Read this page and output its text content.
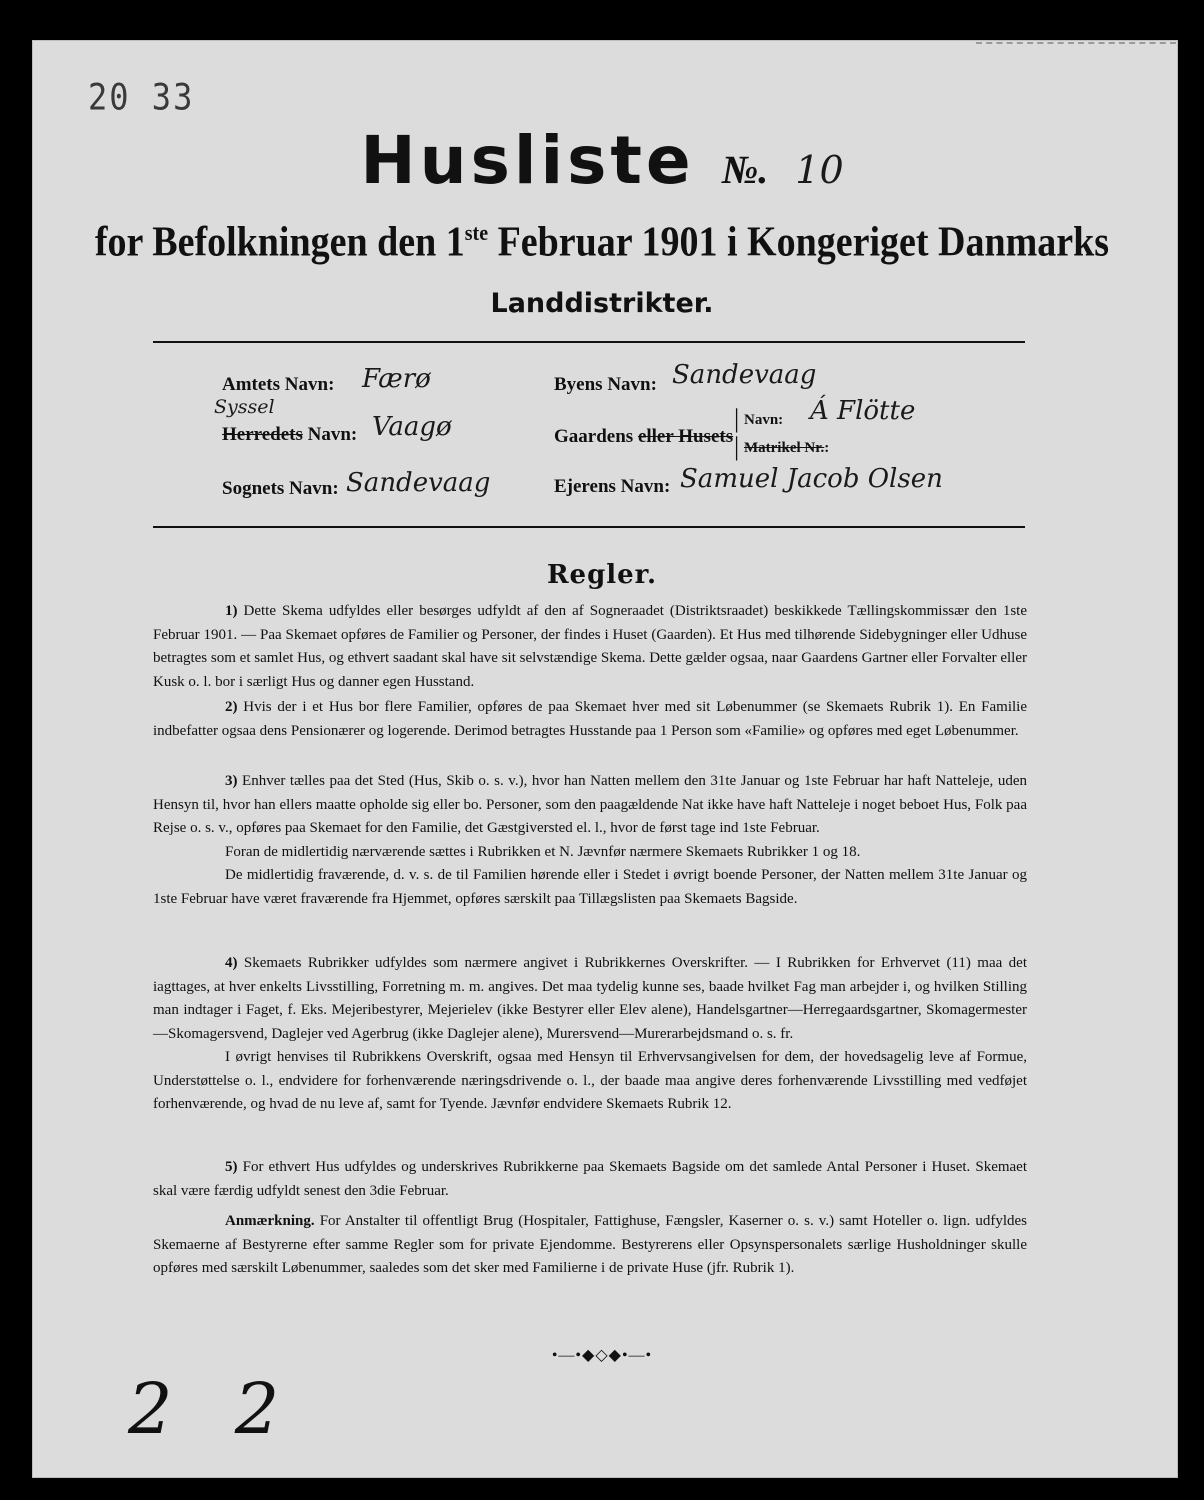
20 33
Husliste №. 10
for Befolkningen den 1ste Februar 1901 i Kongeriget Danmarks
Landdistrikter.
Amtets Navn: Færø
Syssel
Herredets Navn: Vaagø
Sognets Navn: Sandevaag
Byens Navn: Sandevaag
Gaardens eller Husets
|
|
Navn: Á Flötte
Matrikel Nr.:
Ejerens Navn: Samuel Jacob Olsen
Regler.

1) Dette Skema udfyldes eller besørges udfyldt af den af Sogneraadet (Distriktsraadet) beskikkede Tællingskommissær den 1ste Februar 1901. — Paa Skemaet opføres de Familier og Personer, der findes i Huset (Gaarden). Et Hus med tilhørende Sidebygninger eller Udhuse betragtes som et samlet Hus, og ethvert saadant skal have sit selvstændige Skema. Dette gælder ogsaa, naar Gaardens Gartner eller Forvalter eller Kusk o. l. bor i særligt Hus og danner egen Husstand.

2) Hvis der i et Hus bor flere Familier, opføres de paa Skemaet hver med sit Løbenummer (se Skemaets Rubrik 1). En Familie indbefatter ogsaa dens Pensionærer og logerende. Derimod betragtes Husstande paa 1 Person som «Familie» og opføres med eget Løbenummer.

3) Enhver tælles paa det Sted (Hus, Skib o. s. v.), hvor han Natten mellem den 31te Januar og 1ste Februar har haft Natteleje, uden Hensyn til, hvor han ellers maatte opholde sig eller bo. Personer, som den paagældende Nat ikke have haft Natteleje i noget beboet Hus, Folk paa Rejse o. s. v., opføres paa Skemaet for den Familie, det Gæstgiversted el. l., hvor de først tage ind 1ste Februar.

Foran de midlertidig nærværende sættes i Rubrikken et N. Jævnfør nærmere Skemaets Rubrikker 1 og 18.

De midlertidig fraværende, d. v. s. de til Familien hørende eller i Stedet i øvrigt boende Personer, der Natten mellem 31te Januar og 1ste Februar have været fraværende fra Hjemmet, opføres særskilt paa Tillægslisten paa Skemaets Bagside.

4) Skemaets Rubrikker udfyldes som nærmere angivet i Rubrikkernes Overskrifter. — I Rubrikken for Erhvervet (11) maa det iagttages, at hver enkelts Livsstilling, Forretning m. m. angives. Det maa tydelig kunne ses, baade hvilket Fag man arbejder i, og hvilken Stilling man indtager i Faget, f. Eks. Mejeribestyrer, Mejerielev (ikke Bestyrer eller Elev alene), Handelsgartner—Herregaardsgartner, Skomagermester—Skomagersvend, Daglejer ved Agerbrug (ikke Daglejer alene), Murersvend—Murerarbejdsmand o. s. fr.

I øvrigt henvises til Rubrikkens Overskrift, ogsaa med Hensyn til Erhvervsangivelsen for dem, der hovedsagelig leve af Formue, Understøttelse o. l., endvidere for forhenværende næringsdrivende o. l., der baade maa angive deres forhenværende Livsstilling med vedføjet forhenværende, og hvad de nu leve af, samt for Tyende. Jævnfør endvidere Skemaets Rubrik 12.

5) For ethvert Hus udfyldes og underskrives Rubrikkerne paa Skemaets Bagside om det samlede Antal Personer i Huset. Skemaet skal være færdig udfyldt senest den 3die Februar.

Anmærkning. For Anstalter til offentligt Brug (Hospitaler, Fattighuse, Fængsler, Kaserner o. s. v.) samt Hoteller o. lign. udfyldes Skemaerne af Bestyrerne efter samme Regler som for private Ejendomme. Bestyrerens eller Opsynspersonalets særlige Husholdninger skulle opføres med særskilt Løbenummer, saaledes som det sker med Familierne i de private Huse (jfr. Rubrik 1).

•—•◆◇◆•—•
2 2
